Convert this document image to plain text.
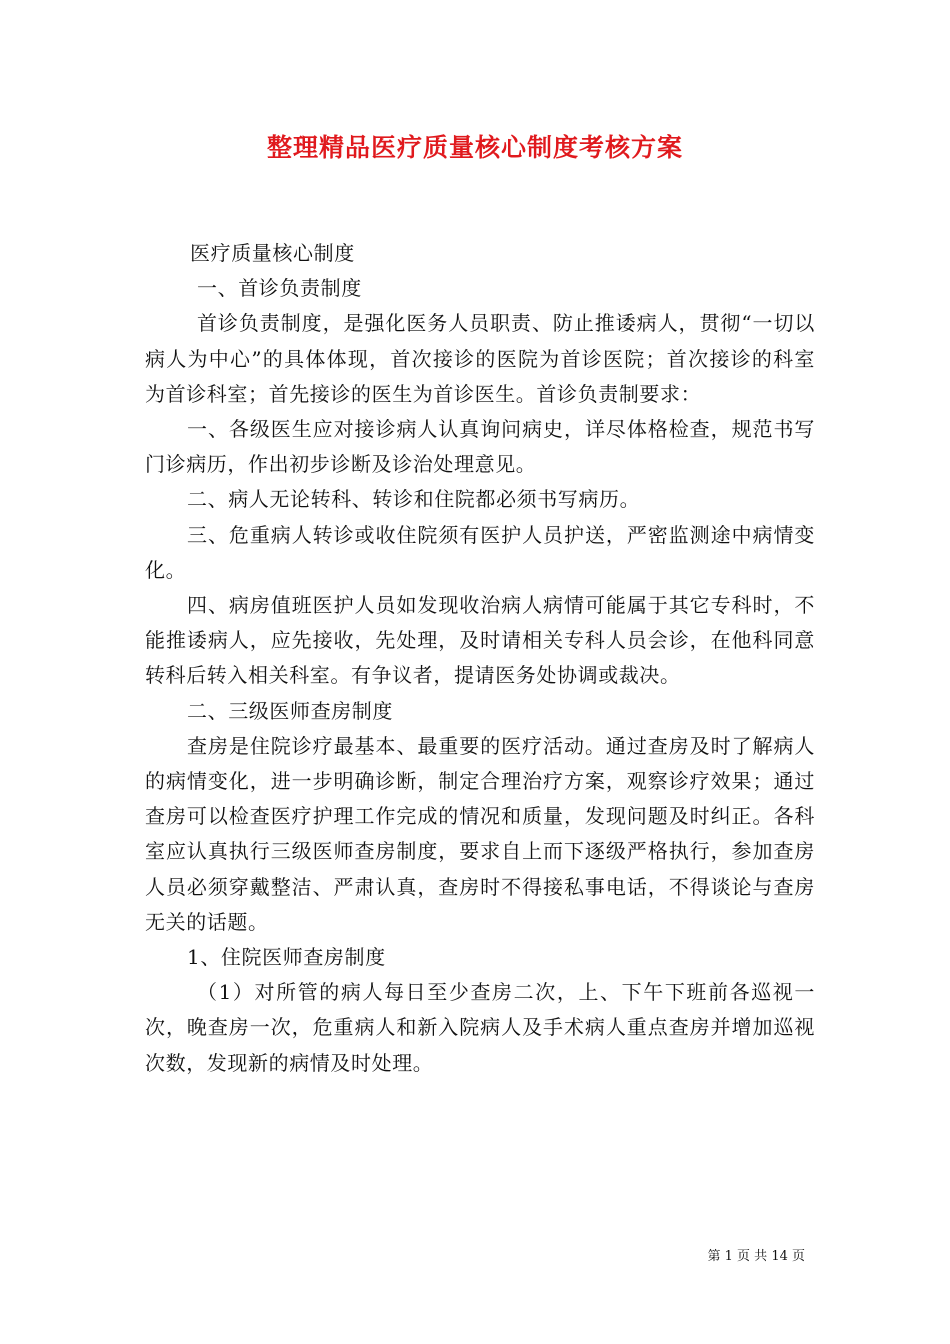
整理精品医疗质量核心制度考核方案

医疗质量核心制度

一、首诊负责制度

首诊负责制度，是强化医务人员职责、防止推诿病人，贯彻“一切以病人为中心”的具体体现，首次接诊的医院为首诊医院；首次接诊的科室为首诊科室；首先接诊的医生为首诊医生。首诊负责制要求：

一、各级医生应对接诊病人认真询问病史，详尽体格检查，规范书写门诊病历，作出初步诊断及诊治处理意见。

二、病人无论转科、转诊和住院都必须书写病历。

三、危重病人转诊或收住院须有医护人员护送，严密监测途中病情变化。

四、病房值班医护人员如发现收治病人病情可能属于其它专科时，不能推诿病人，应先接收，先处理，及时请相关专科人员会诊，在他科同意转科后转入相关科室。有争议者，提请医务处协调或裁决。

二、三级医师查房制度

查房是住院诊疗最基本、最重要的医疗活动。通过查房及时了解病人的病情变化，进一步明确诊断，制定合理治疗方案，观察诊疗效果；通过查房可以检查医疗护理工作完成的情况和质量，发现问题及时纠正。各科室应认真执行三级医师查房制度，要求自上而下逐级严格执行，参加查房人员必须穿戴整洁、严肃认真，查房时不得接私事电话，不得谈论与查房无关的话题。

1、住院医师查房制度

（1）对所管的病人每日至少查房二次，上、下午下班前各巡视一次，晚查房一次，危重病人和新入院病人及手术病人重点查房并增加巡视次数，发现新的病情及时处理。

第 1 页 共 14 页
